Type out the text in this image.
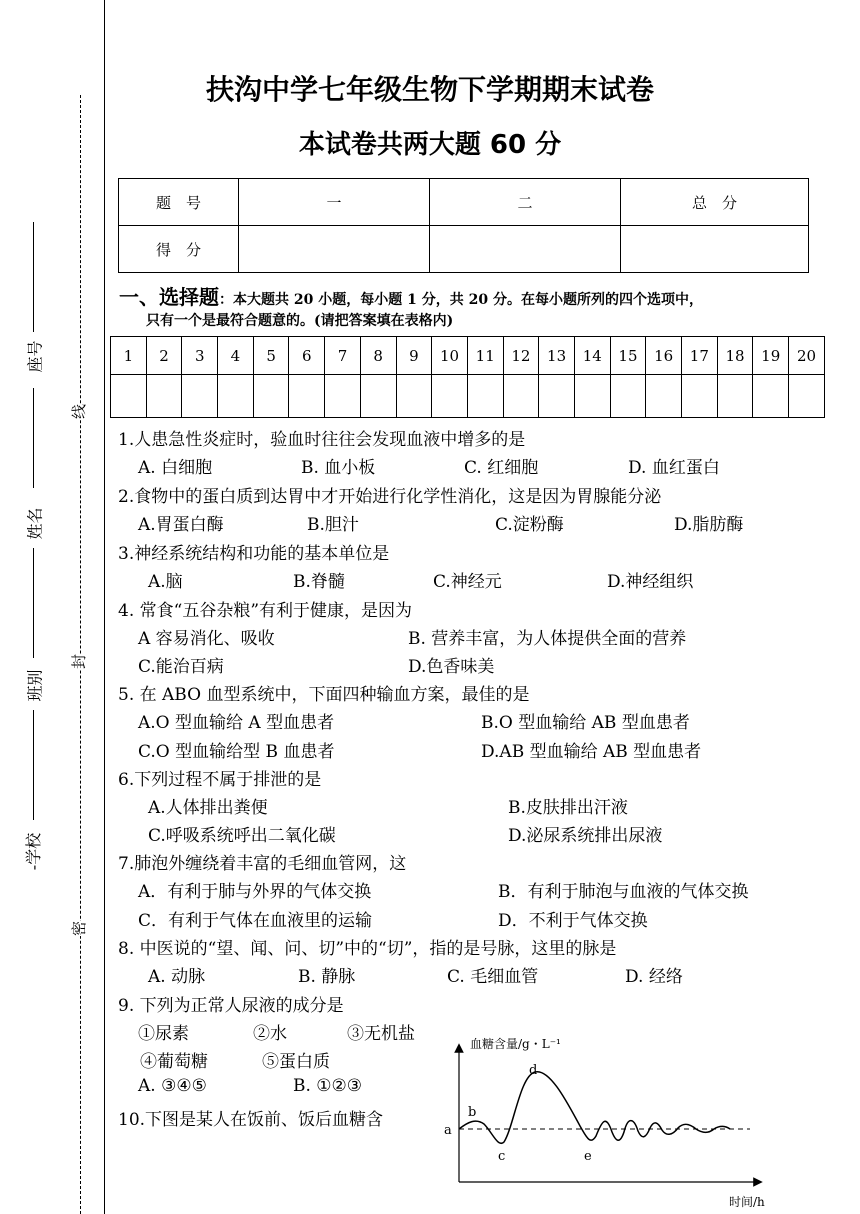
线
封
密
座号
姓名
班别
-学校
扶沟中学七年级生物下学期期末试卷
本试卷共两大题 60 分
题　号	一	二	总　分
得　分			
一、选择题：本大题共 20 小题，每小题 1 分，共 20 分。在每小题所列的四个选项中，
只有一个是最符合题意的。(请把答案填在表格内)
1	2	3	4	5	6	7	8	9	10	11	12	13	14	15	16	17	18	19	20

1.人患急性炎症时，验血时往往会发现血液中增多的是
A. 白细胞	B. 血小板	C. 红细胞	D. 血红蛋白
2.食物中的蛋白质到达胃中才开始进行化学性消化，这是因为胃腺能分泌
A.胃蛋白酶	B.胆汁	C.淀粉酶	D.脂肪酶
3.神经系统结构和功能的基本单位是
A.脑	B.脊髓	C.神经元	D.神经组织
4. 常食“五谷杂粮”有利于健康，是因为
A 容易消化、吸收	B. 营养丰富，为人体提供全面的营养
C.能治百病	D.色香味美
5. 在 ABO 血型系统中，下面四种输血方案，最佳的是
A.O 型血输给 A 型血患者	B.O 型血输给 AB 型血患者
C.O 型血输给型 B 血患者	D.AB 型血输给 AB 型血患者
6.下列过程不属于排泄的是
A.人体排出粪便	B.皮肤排出汗液
C.呼吸系统呼出二氧化碳	D.泌尿系统排出尿液
7.肺泡外缠绕着丰富的毛细血管网，这
A．有利于肺与外界的气体交换	B．有利于肺泡与血液的气体交换
C．有利于气体在血液里的运输	D．不利于气体交换
8. 中医说的“望、闻、问、切”中的“切”，指的是号脉，这里的脉是
A. 动脉	B. 静脉	C. 毛细血管	D. 经络
9. 下列为正常人尿液的成分是
①尿素	②水	③无机盐
④葡萄糖	⑤蛋白质
A. ③④⑤	B. ①②③
10.下图是某人在饭前、饭后血糖含
血糖含量/g・L⁻¹
a
b
c
d
e
时间/h
